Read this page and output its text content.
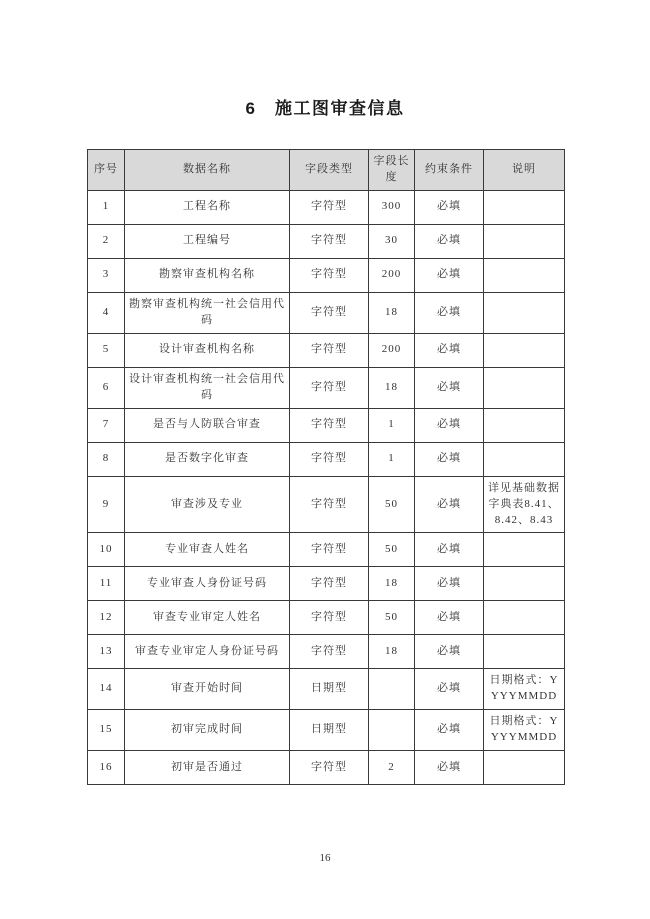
6   施工图审查信息
序号	数据名称	字段类型	字段长度	约束条件	说明
1	工程名称	字符型	300	必填	
2	工程编号	字符型	30	必填	
3	勘察审查机构名称	字符型	200	必填	
4	勘察审查机构统一社会信用代码	字符型	18	必填	
5	设计审查机构名称	字符型	200	必填	
6	设计审查机构统一社会信用代码	字符型	18	必填	
7	是否与人防联合审查	字符型	1	必填	
8	是否数字化审查	字符型	1	必填	
9	审查涉及专业	字符型	50	必填	详见基础数据字典表8.41、8.42、8.43
10	专业审查人姓名	字符型	50	必填	
11	专业审查人身份证号码	字符型	18	必填	
12	审查专业审定人姓名	字符型	50	必填	
13	审查专业审定人身份证号码	字符型	18	必填	
14	审查开始时间	日期型		必填	日期格式：YYYYMMDD
15	初审完成时间	日期型		必填	日期格式：YYYYMMDD
16	初审是否通过	字符型	2	必填	
16
